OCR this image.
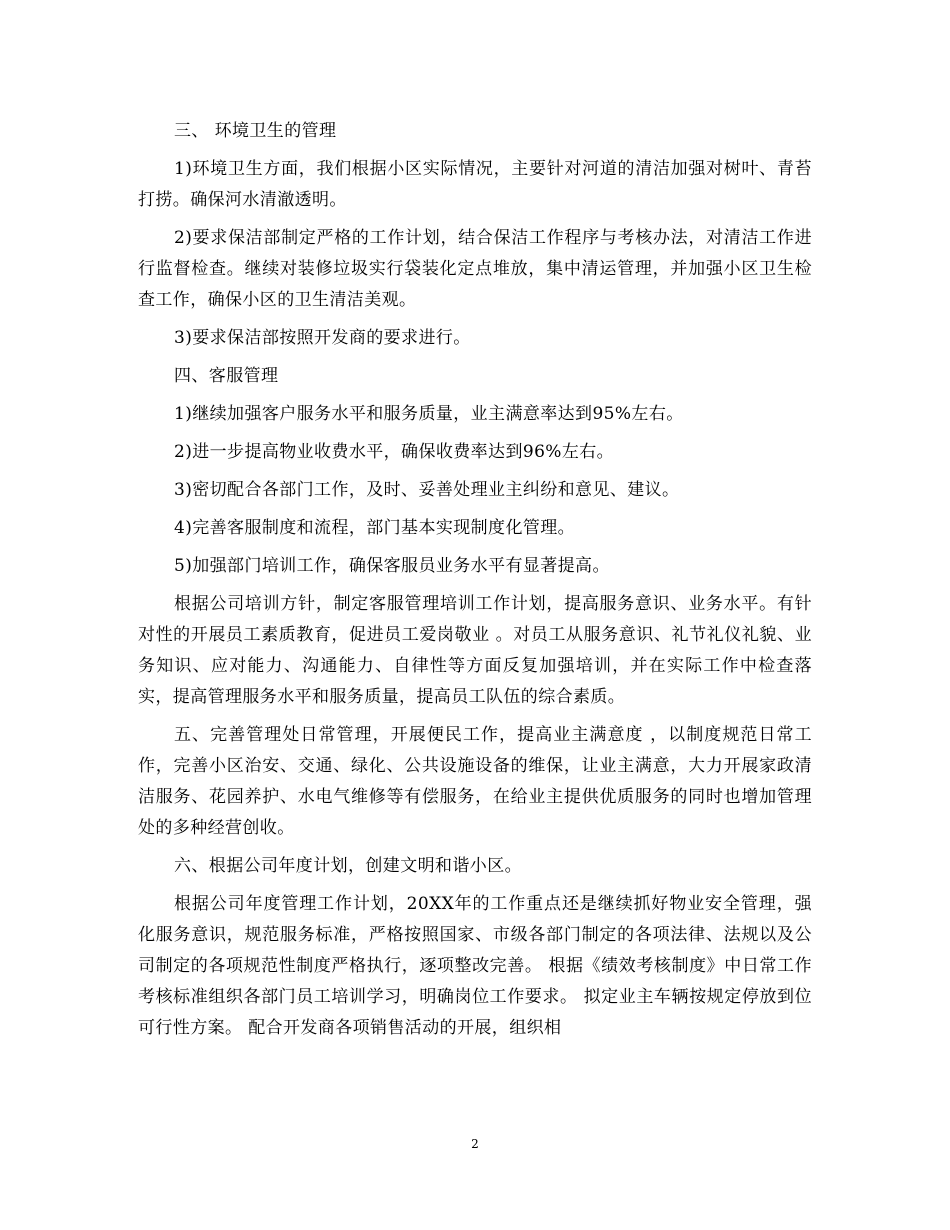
三、 环境卫生的管理

1)环境卫生方面，我们根据小区实际情况，主要针对河道的清洁加强对树叶、青苔打捞。确保河水清澈透明。

2)要求保洁部制定严格的工作计划，结合保洁工作程序与考核办法，对清洁工作进行监督检查。继续对装修垃圾实行袋装化定点堆放，集中清运管理，并加强小区卫生检查工作，确保小区的卫生清洁美观。

3)要求保洁部按照开发商的要求进行。

四、客服管理

1)继续加强客户服务水平和服务质量，业主满意率达到95%左右。

2)进一步提高物业收费水平，确保收费率达到96%左右。

3)密切配合各部门工作，及时、妥善处理业主纠纷和意见、建议。

4)完善客服制度和流程，部门基本实现制度化管理。

5)加强部门培训工作，确保客服员业务水平有显著提高。

根据公司培训方针，制定客服管理培训工作计划，提高服务意识、业务水平。有针对性的开展员工素质教育，促进员工爱岗敬业 。对员工从服务意识、礼节礼仪礼貌、业务知识、应对能力、沟通能力、自律性等方面反复加强培训，并在实际工作中检查落实，提高管理服务水平和服务质量，提高员工队伍的综合素质。

五、完善管理处日常管理，开展便民工作，提高业主满意度 ，以制度规范日常工作，完善小区治安、交通、绿化、公共设施设备的维保，让业主满意，大力开展家政清洁服务、花园养护、水电气维修等有偿服务，在给业主提供优质服务的同时也增加管理处的多种经营创收。

六、根据公司年度计划，创建文明和谐小区。

根据公司年度管理工作计划，20XX年的工作重点还是继续抓好物业安全管理，强化服务意识，规范服务标准，严格按照国家、市级各部门制定的各项法律、法规以及公司制定的各项规范性制度严格执行，逐项整改完善。 根据《绩效考核制度》中日常工作考核标准组织各部门员工培训学习，明确岗位工作要求。 拟定业主车辆按规定停放到位可行性方案。 配合开发商各项销售活动的开展，组织相

2
